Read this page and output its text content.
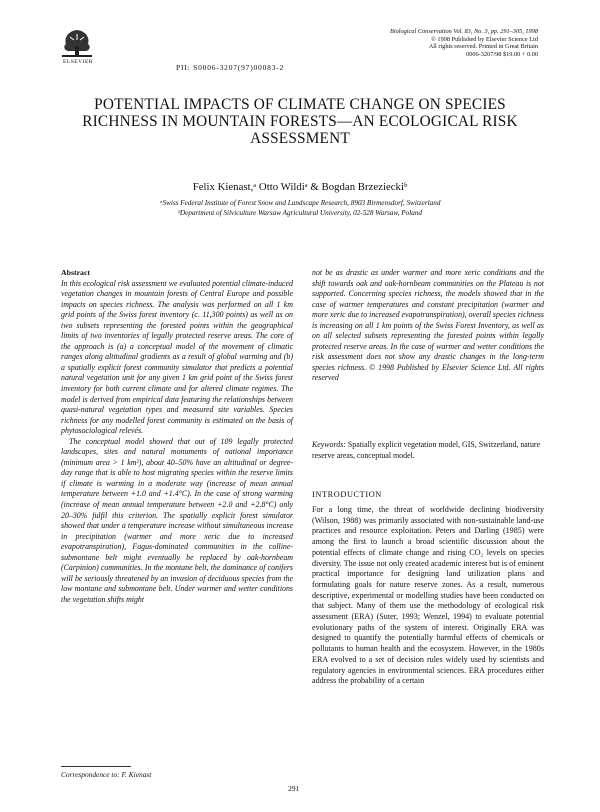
ELSEVIER
PII: S0006-3207(97)00083-2
Biological Conservation Vol. 83, No. 3, pp. 291–305, 1998
© 1998 Published by Elsevier Science Ltd
All rights reserved. Printed in Great Britain
0006-3207/98 $19.00 + 0.00
POTENTIAL IMPACTS OF CLIMATE CHANGE ON SPECIES RICHNESS IN MOUNTAIN FORESTS—AN ECOLOGICAL RISK ASSESSMENT
Felix Kienast,ᵃ Otto Wildiᵃ & Bogdan Brzezieckiᵇ
ᵃSwiss Federal Institute of Forest Snow and Landscape Research, 8903 Birmensdorf, Switzerland
ᵇDepartment of Silviculture Warsaw Agricultural University, 02-528 Warsaw, Poland
Abstract

In this ecological risk assessment we evaluated potential climate-induced vegetation changes in mountain forests of Central Europe and possible impacts on species richness. The analysis was performed on all 1 km grid points of the Swiss forest inventory (c. 11,300 points) as well as on two subsets representing the forested points within the geographical limits of two inventories of legally protected reserve areas. The core of the approach is (a) a conceptual model of the movement of climatic ranges along altitudinal gradients as a result of global warming and (b) a spatially explicit forest community simulator that predicts a potential natural vegetation unit for any given 1 km grid point of the Swiss forest inventory for both current climate and for altered climate regimes. The model is derived from empirical data featuring the relationships between quasi-natural vegetation types and measured site variables. Species richness for any modelled forest community is estimated on the basis of phytosociological relevés.

The conceptual model showed that out of 109 legally protected landscapes, sites and natural monuments of national importance (minimum area > 1 km²), about 40–50% have an altitudinal or degree-day range that is able to host migrating species within the reserve limits if climate is warming in a moderate way (increase of mean annual temperature between +1.0 and +1.4°C). In the case of strong warming (increase of mean annual temperature between +2.0 and +2.8°C) only 20–30% fulfil this criterion. The spatially explicit forest simulator showed that under a temperature increase without simultaneous increase in precipitation (warmer and more xeric due to increased evapotranspiration), Fagus-dominated communities in the colline-submontane belt might eventually be replaced by oak-hornbeam (Carpinion) communities. In the montane belt, the dominance of conifers will be seriously threatened by an invasion of deciduous species from the low montane and submontane belt. Under warmer and wetter conditions the vegetation shifts might

not be as drastic as under warmer and more xeric conditions and the shift towards oak and oak-hornbeam communities on the Plateau is not supported. Concerning species richness, the models showed that in the case of warmer temperatures and constant precipitation (warmer and more xeric due to increased evapotranspiration), overall species richness is increasing on all 1 km points of the Swiss Forest Inventory, as well as on all selected subsets representing the forested points within legally protected reserve areas. In the case of warmer and wetter conditions the risk assessment does not show any drastic changes in the long-term species richness. © 1998 Published by Elsevier Science Ltd. All rights reserved

Keywords: Spatially explicit vegetation model, GIS, Switzerland, nature reserve areas, conceptual model.
INTRODUCTION
For a long time, the threat of worldwide declining biodiversity (Wilson, 1988) was primarily associated with non-sustainable land-use practices and resource exploitation. Peters and Darling (1985) were among the first to launch a broad scientific discussion about the potential effects of climate change and rising CO₂ levels on species diversity. The issue not only created academic interest but is of eminent practical importance for designing land utilization plans and formulating goals for nature reserve zones. As a result, numerous descriptive, experimental or modelling studies have been conducted on that subject. Many of them use the methodology of ecological risk assessment (ERA) (Suter, 1993; Wenzel, 1994) to evaluate potential evolutionary paths of the system of interest. Originally ERA was designed to quantify the potentially harmful effects of chemicals or pollutants to human health and the ecosystem. However, in the 1980s ERA evolved to a set of decision rules widely used by scientists and regulatory agencies in environmental sciences. ERA procedures either address the probability of a certain
Correspondence to: F. Kienast
291
